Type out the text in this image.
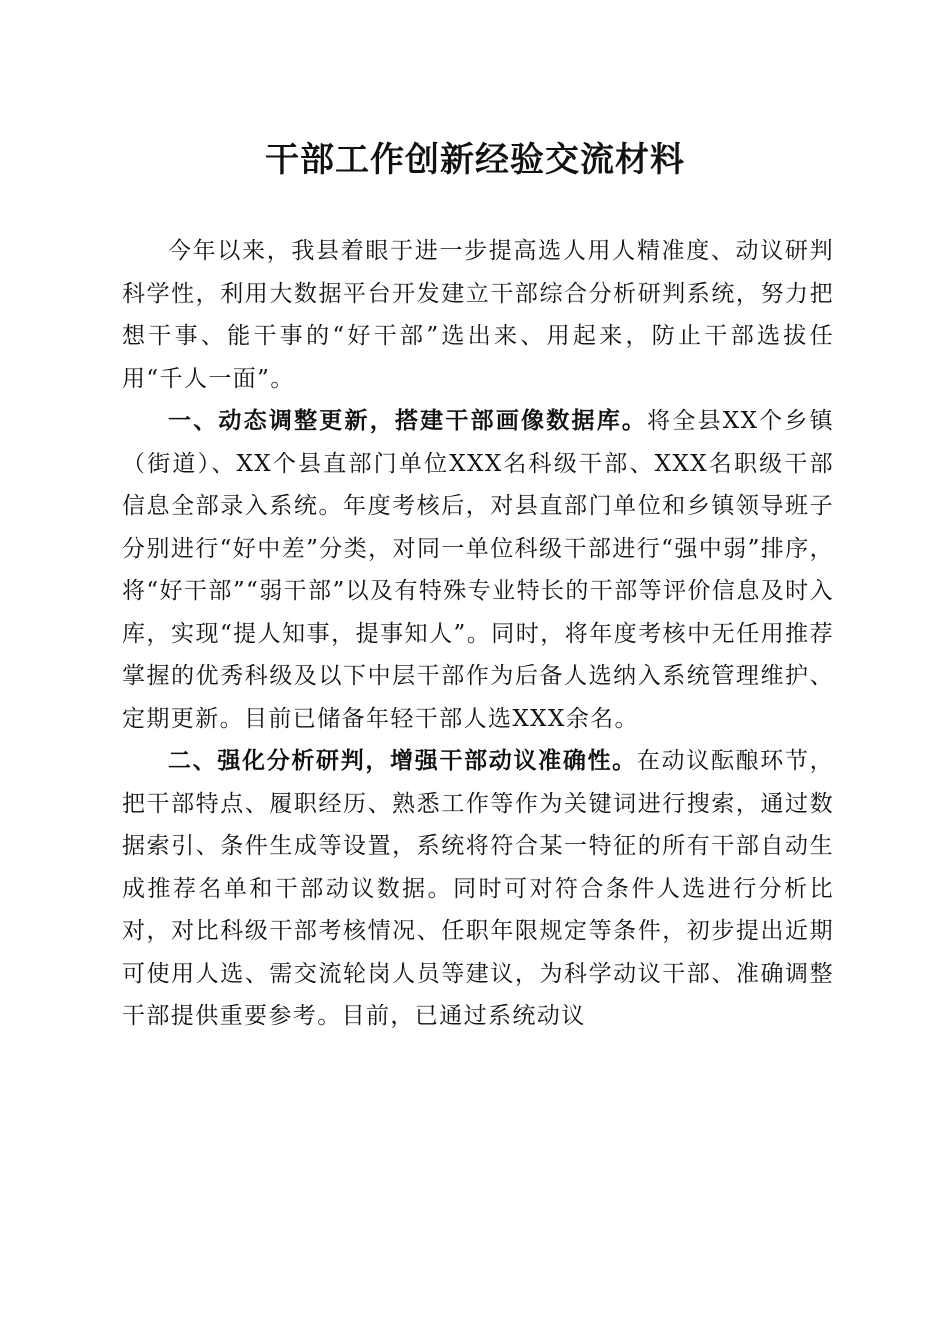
干部工作创新经验交流材料

今年以来，我县着眼于进一步提高选人用人精准度、动议研判科学性，利用大数据平台开发建立干部综合分析研判系统，努力把想干事、能干事的“好干部”选出来、用起来，防止干部选拔任用“千人一面”。

一、动态调整更新，搭建干部画像数据库。将全县XX个乡镇（街道）、XX个县直部门单位XXX名科级干部、XXX名职级干部信息全部录入系统。年度考核后，对县直部门单位和乡镇领导班子分别进行“好中差”分类，对同一单位科级干部进行“强中弱”排序，将“好干部”“弱干部”以及有特殊专业特长的干部等评价信息及时入库，实现“提人知事，提事知人”。同时，将年度考核中无任用推荐掌握的优秀科级及以下中层干部作为后备人选纳入系统管理维护、定期更新。目前已储备年轻干部人选XXX余名。

二、强化分析研判，增强干部动议准确性。在动议酝酿环节，把干部特点、履职经历、熟悉工作等作为关键词进行搜索，通过数据索引、条件生成等设置，系统将符合某一特征的所有干部自动生成推荐名单和干部动议数据。同时可对符合条件人选进行分析比对，对比科级干部考核情况、任职年限规定等条件，初步提出近期可使用人选、需交流轮岗人员等建议，为科学动议干部、准确调整干部提供重要参考。目前，已通过系统动议
